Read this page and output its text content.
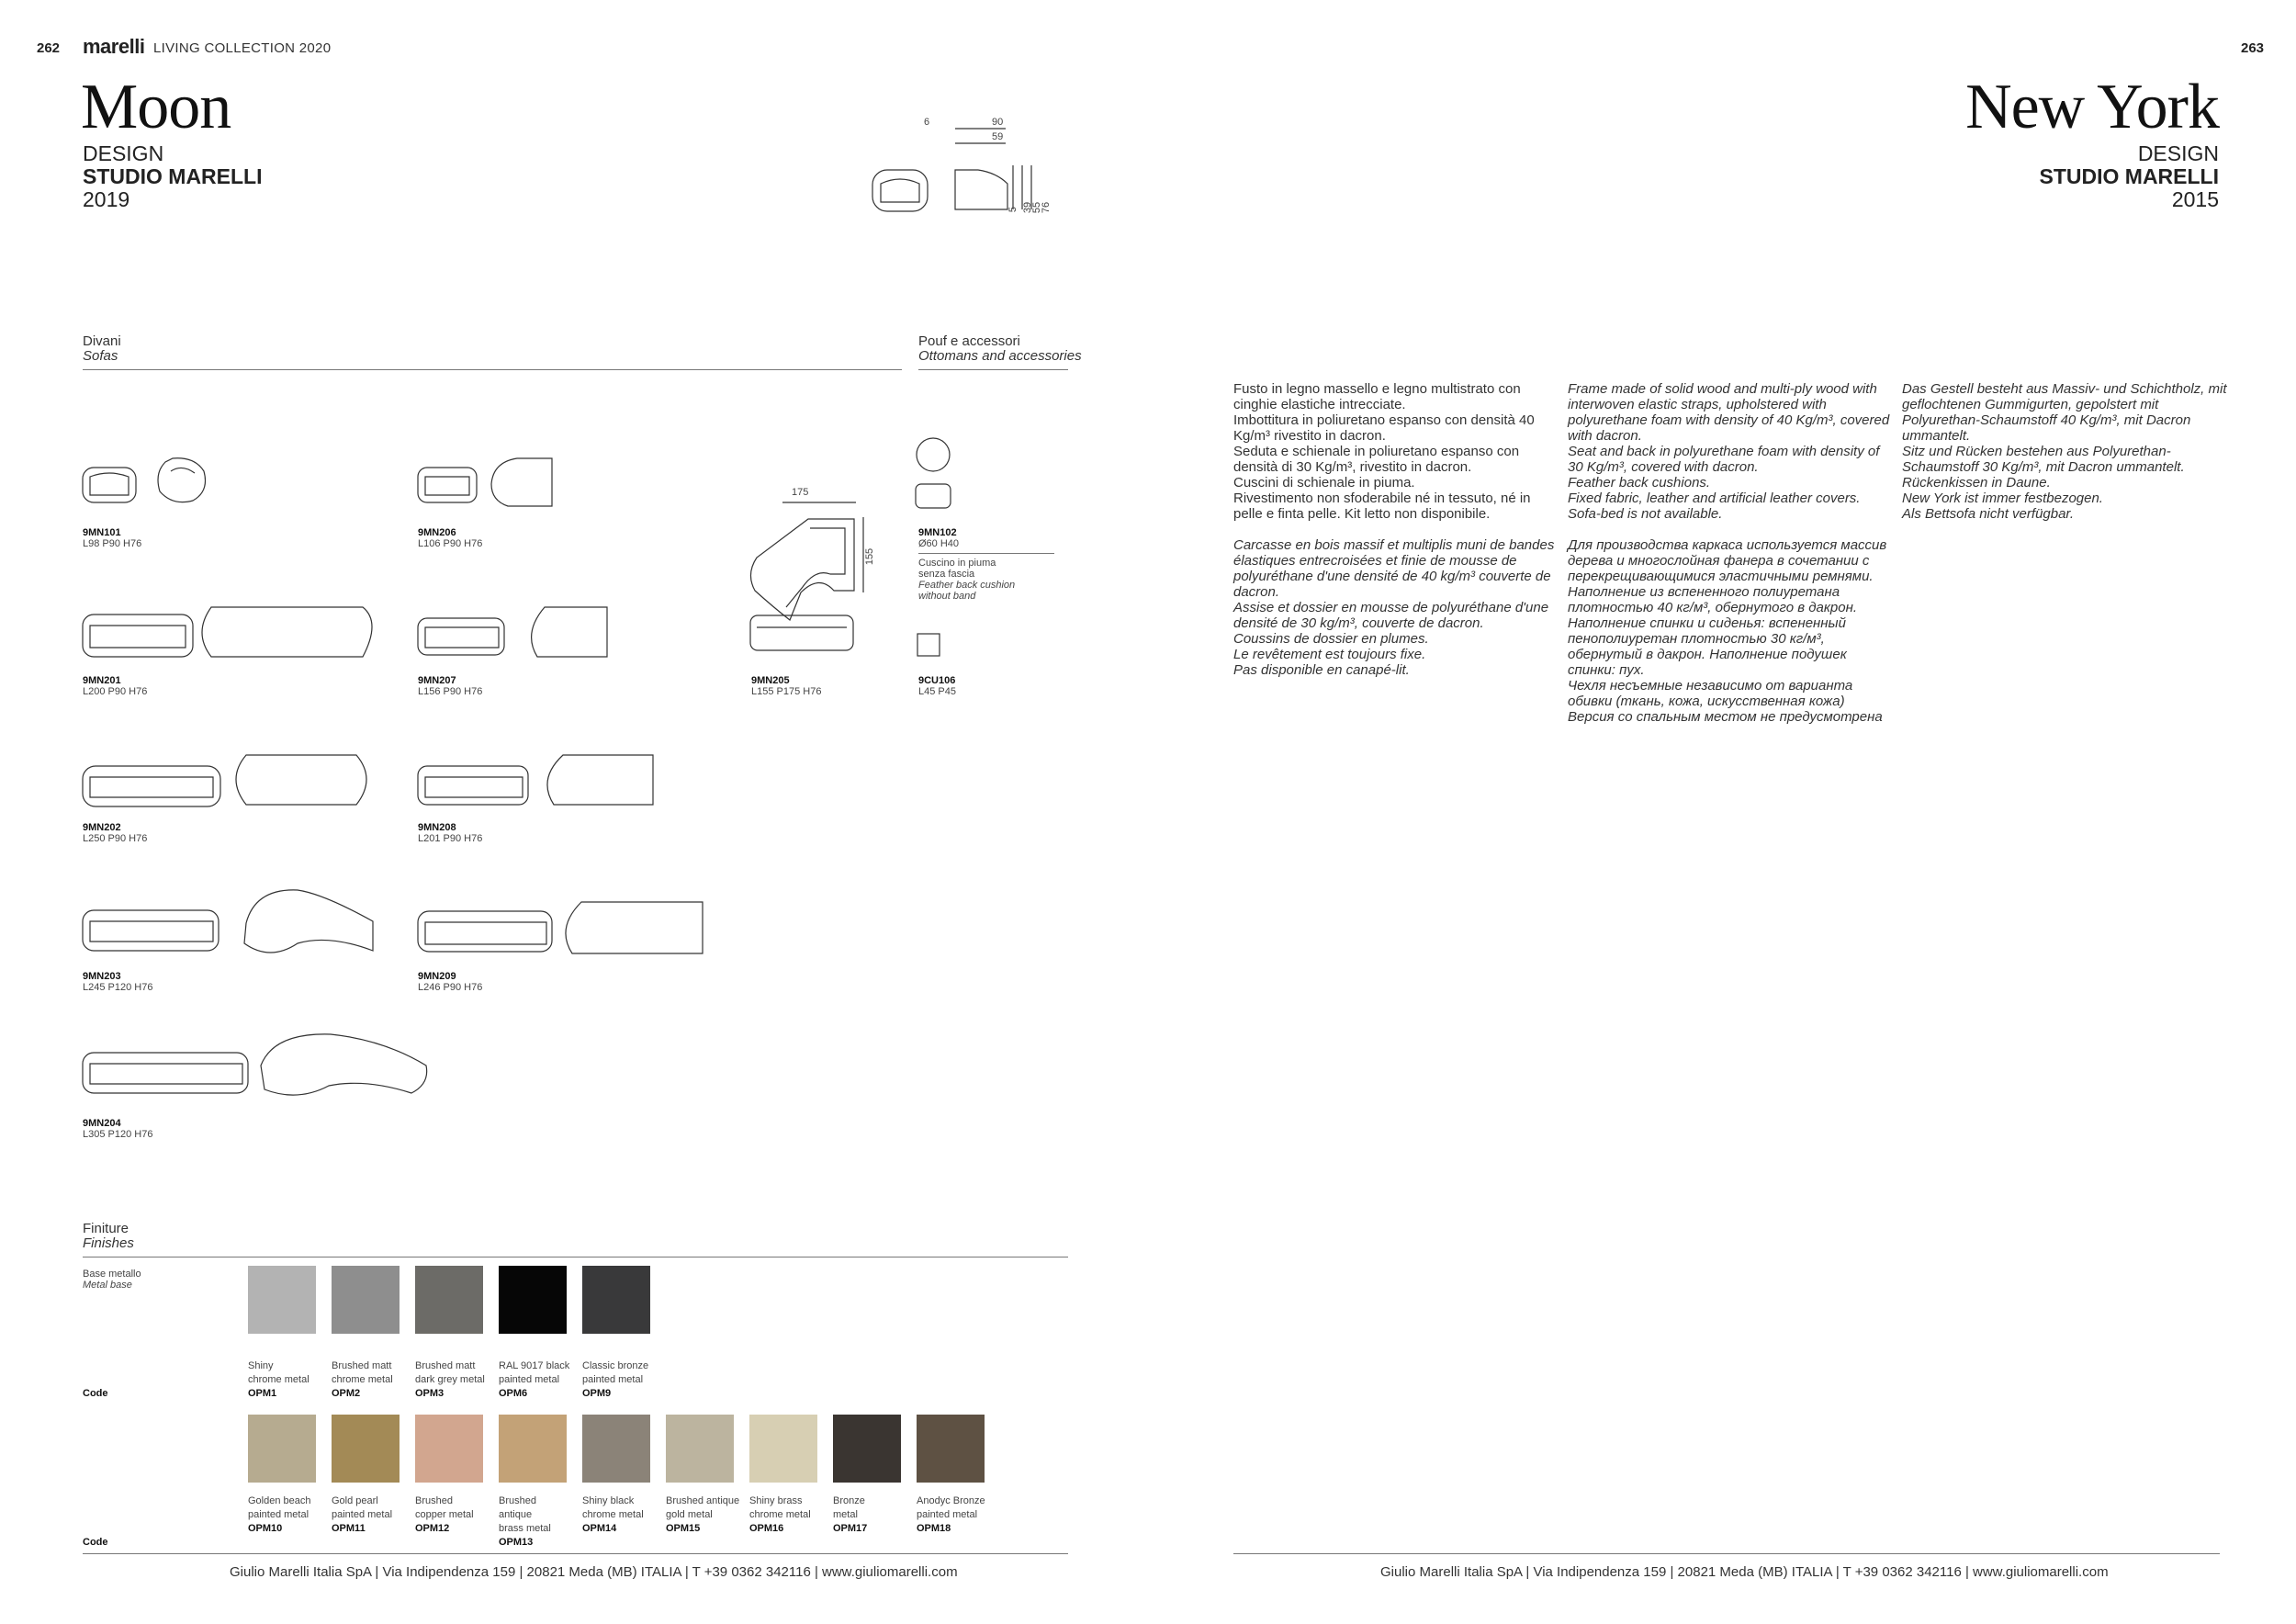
262 marelli LIVING COLLECTION 2020
Moon
DESIGN
STUDIO MARELLI
2019
6	90
59
5 39
55
76
Divani
Sofas
Pouf e accessori
Ottomans and accessories
9MN101
L98 P90 H76
9MN206
L106 P90 H76
175
155
9MN102
Ø60 H40
Cuscino in piuma
senza fascia
Feather back cushion
without band
9MN201
L200 P90 H76
9MN207
L156 P90 H76
9MN205
L155 P175 H76
9CU106
L45 P45
9MN202
L250 P90 H76
9MN208
L201 P90 H76
9MN203
L245 P120 H76
9MN209
L246 P90 H76
9MN204
L305 P120 H76
Finiture
Finishes
Base metallo
Metal base
Code
Code
Shiny
chrome metal
OPM1
Brushed matt
chrome metal
OPM2
Brushed matt
dark grey metal
OPM3
RAL 9017 black
painted metal
OPM6
Classic bronze
painted metal
OPM9
Golden beach
painted metal
OPM10
Gold pearl
painted metal
OPM11
Brushed
copper metal
OPM12
Brushed
antique
brass metal
OPM13
Shiny black
chrome metal
OPM14
Brushed antique
gold metal
OPM15
Shiny brass
chrome metal
OPM16
Bronze
metal
OPM17
Anodyc Bronze
painted metal
OPM18
Giulio Marelli Italia SpA | Via Indipendenza 159 | 20821 Meda (MB) ITALIA | T +39 0362 342116 | www.giuliomarelli.com
263
New York
DESIGN
STUDIO MARELLI
2015
Fusto in legno massello e legno multistrato con cinghie elastiche intrecciate.
Imbottitura in poliuretano espanso con densità 40 Kg/m³ rivestito in dacron.
Seduta e schienale in poliuretano espanso con densità di 30 Kg/m³, rivestito in dacron.
Cuscini di schienale in piuma.
Rivestimento non sfoderabile né in tessuto, né in pelle e finta pelle. Kit letto non disponibile.
Carcasse en bois massif et multiplis muni de bandes élastiques entrecroisées et finie de mousse de polyuréthane d'une densité de 40 kg/m³ couverte de dacron.
Assise et dossier en mousse de polyuréthane d'une densité de 30 kg/m³, couverte de dacron.
Coussins de dossier en plumes.
Le revêtement est toujours fixe.
Pas disponible en canapé-lit.
Frame made of solid wood and multi-ply wood with interwoven elastic straps, upholstered with polyurethane foam with density of 40 Kg/m³, covered with dacron.
Seat and back in polyurethane foam with density of 30 Kg/m³, covered with dacron.
Feather back cushions.
Fixed fabric, leather and artificial leather covers.
Sofa-bed is not available.
Для производства каркаса используется массив дерева и многослойная фанера в сочетании с перекрещивающимися эластичными ремнями.
Наполнение из вспененного полиуретана плотностью 40 кг/м³, обернутого в дакрон. Наполнение спинки и сиденья: вспененный пенополиуретан плотностью 30 кг/м³, обернутый в дакрон. Наполнение подушек спинки: пух.
Чехля несъемные независимо от варианта обивки (ткань, кожа, искусственная кожа)
Версия со спальным местом не предусмотрена
Das Gestell besteht aus Massiv- und Schichtholz, mit geflochtenen Gummigurten, gepolstert mit Polyurethan-Schaumstoff 40 Kg/m³, mit Dacron ummantelt.
Sitz und Rücken bestehen aus Polyurethan-Schaumstoff 30 Kg/m³, mit Dacron ummantelt.
Rückenkissen in Daune.
New York ist immer festbezogen.
Als Bettsofa nicht verfügbar.
Giulio Marelli Italia SpA | Via Indipendenza 159 | 20821 Meda (MB) ITALIA | T +39 0362 342116 | www.giuliomarelli.com
